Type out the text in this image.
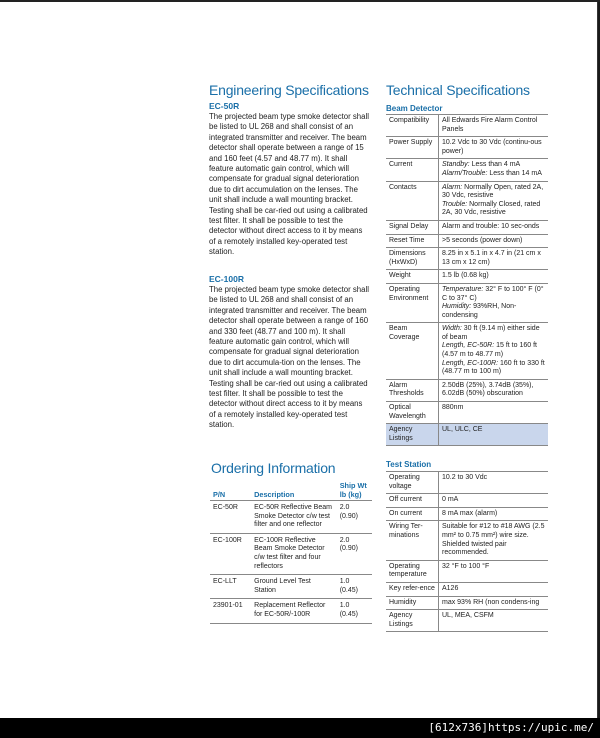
Engineering Specifications
EC-50R

The projected beam type smoke detector shall be listed to UL 268 and shall consist of an integrated transmitter and receiver. The beam detector shall operate between a range of 15 and 160 feet (4.57 and 48.77 m). It shall feature automatic gain control, which will compensate for gradual signal deterioration due to dirt accumulation on the lenses. The unit shall include a wall mounting bracket. Testing shall be car-ried out using a calibrated test filter. It shall be possible to test the detector without direct access to it by means of a remotely installed key-operated test station.

EC-100R

The projected beam type smoke detector shall be listed to UL 268 and shall consist of an integrated transmitter and receiver. The beam detector shall operate between a range of 160 and 330 feet (48.77 and 100 m). It shall feature automatic gain control, which will compensate for gradual signal deterioration due to dirt accumula-tion on the lenses. The unit shall include a wall mounting bracket. Testing shall be car-ried out using a calibrated test filter. It shall be possible to test the detector without direct access to it by means of a remotely installed key-operated test station.

Ordering Information
P/N	Description	Ship Wt lb (kg)
EC-50R	EC-50R Reflective Beam Smoke Detector c/w test filter and one reflector	2.0 (0.90)
EC-100R	EC-100R Reflective Beam Smoke Detector c/w test filter and four reflectors	2.0 (0.90)
EC-LLT	Ground Level Test Station	1.0 (0.45)
23901-01	Replacement Reflector for EC-50R/-100R	1.0 (0.45)
Technical Specifications
Beam Detector
Compatibility	All Edwards Fire Alarm Control Panels
Power Supply	10.2 Vdc to 30 Vdc (continu-ous power)
Current	Standby: Less than 4 mA
Alarm/Trouble: Less than 14 mA
Contacts	Alarm: Normally Open, rated 2A, 30 Vdc, resistive
Trouble: Normally Closed, rated 2A, 30 Vdc, resistive
Signal Delay	Alarm and trouble: 10 sec-onds
Reset Time	>5 seconds (power down)
Dimensions (HxWxD)	8.25 in x 5.1 in x 4.7 in (21 cm x 13 cm x 12 cm)
Weight	1.5 lb (0.68 kg)
Operating Environment	Temperature: 32° F to 100° F (0° C to 37° C)
Humidity: 93%RH, Non-condensing
Beam Coverage	Width: 30 ft (9.14 m) either side of beam
Length, EC-50R: 15 ft to 160 ft (4.57 m to 48.77 m)
Length, EC-100R: 160 ft to 330 ft (48.77 m to 100 m)
Alarm Thresholds	2.50dB (25%), 3.74dB (35%), 6.02dB (50%) obscuration
Optical Wavelength	880nm
Agency Listings	UL, ULC, CE
Test Station
Operating voltage	10.2 to 30 Vdc
Off current	0 mA
On current	8 mA max (alarm)
Wiring Ter-minations	Suitable for #12 to #18 AWG (2.5 mm² to 0.75 mm²) wire size. Shielded twisted pair recommended.
Operating temperature	32 °F to 100 °F
Key refer-ence	A126
Humidity	max 93% RH (non condens-ing
Agency Listings	UL, MEA, CSFM
[612x736]https://upic.me/
